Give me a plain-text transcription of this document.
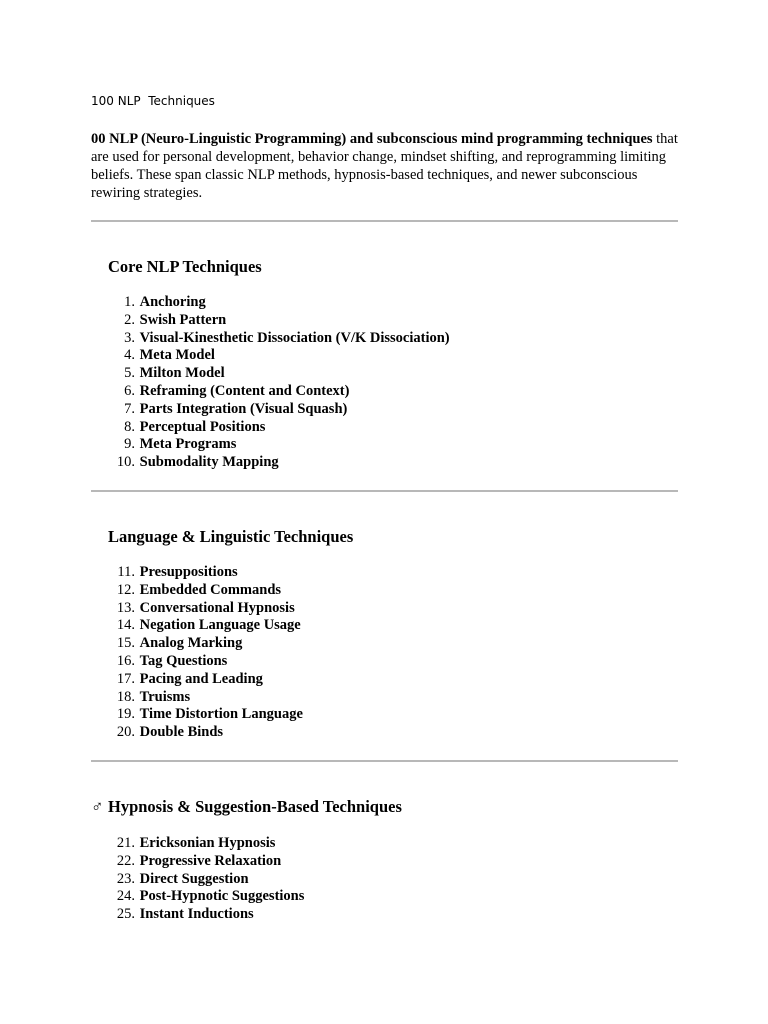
100 NLP  Techniques
00 NLP (Neuro-Linguistic Programming) and subconscious mind programming techniques that are used for personal development, behavior change, mindset shifting, and reprogramming limiting beliefs. These span classic NLP methods, hypnosis-based techniques, and newer subconscious rewiring strategies.
Core NLP Techniques
1. Anchoring
2. Swish Pattern
3. Visual-Kinesthetic Dissociation (V/K Dissociation)
4. Meta Model
5. Milton Model
6. Reframing (Content and Context)
7. Parts Integration (Visual Squash)
8. Perceptual Positions
9. Meta Programs
10. Submodality Mapping
Language & Linguistic Techniques
11. Presuppositions
12. Embedded Commands
13. Conversational Hypnosis
14. Negation Language Usage
15. Analog Marking
16. Tag Questions
17. Pacing and Leading
18. Truisms
19. Time Distortion Language
20. Double Binds
♂ Hypnosis & Suggestion-Based Techniques
21. Ericksonian Hypnosis
22. Progressive Relaxation
23. Direct Suggestion
24. Post-Hypnotic Suggestions
25. Instant Inductions
